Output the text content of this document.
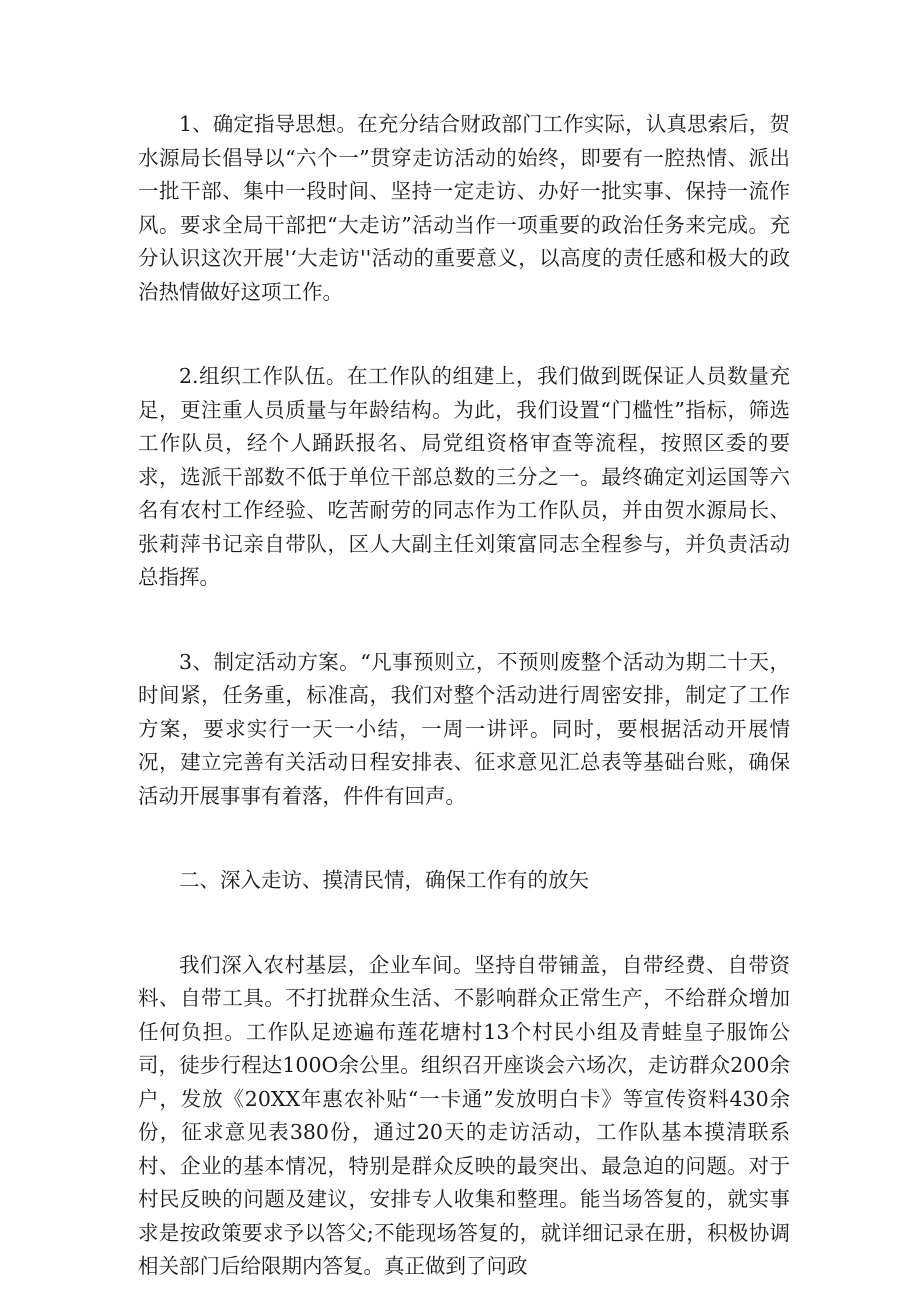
1、确定指导思想。在充分结合财政部门工作实际，认真思索后，贺水源局长倡导以“六个一”贯穿走访活动的始终，即要有一腔热情、派出一批干部、集中一段时间、坚持一定走访、办好一批实事、保持一流作风。要求全局干部把“大走访”活动当作一项重要的政治任务来完成。充分认识这次开展'‘大走访''活动的重要意义，以高度的责任感和极大的政治热情做好这项工作。

2.组织工作队伍。在工作队的组建上，我们做到既保证人员数量充足，更注重人员质量与年龄结构。为此，我们设置“门槛性”指标，筛选工作队员，经个人踊跃报名、局党组资格审查等流程，按照区委的要求，选派干部数不低于单位干部总数的三分之一。最终确定刘运国等六名有农村工作经验、吃苦耐劳的同志作为工作队员，并由贺水源局长、张莉萍书记亲自带队，区人大副主任刘策富同志全程参与，并负责活动总指挥。

3、制定活动方案。“凡事预则立，不预则废整个活动为期二十天，时间紧，任务重，标准高，我们对整个活动进行周密安排，制定了工作方案，要求实行一天一小结，一周一讲评。同时，要根据活动开展情况，建立完善有关活动日程安排表、征求意见汇总表等基础台账，确保活动开展事事有着落，件件有回声。

二、深入走访、摸清民情，确保工作有的放矢

我们深入农村基层，企业车间。坚持自带铺盖，自带经费、自带资料、自带工具。不打扰群众生活、不影响群众正常生产，不给群众增加任何负担。工作队足迹遍布莲花塘村13个村民小组及青蛙皇子服饰公司，徒步行程达100O余公里。组织召开座谈会六场次，走访群众200余户，发放《20XX年惠农补贴“一卡通”发放明白卡》等宣传资料430余份，征求意见表380份，通过20天的走访活动，工作队基本摸清联系村、企业的基本情况，特别是群众反映的最突出、最急迫的问题。对于村民反映的问题及建议，安排专人收集和整理。能当场答复的，就实事求是按政策要求予以答父;不能现场答复的，就详细记录在册，积极协调相关部门后给限期内答复。真正做到了问政
